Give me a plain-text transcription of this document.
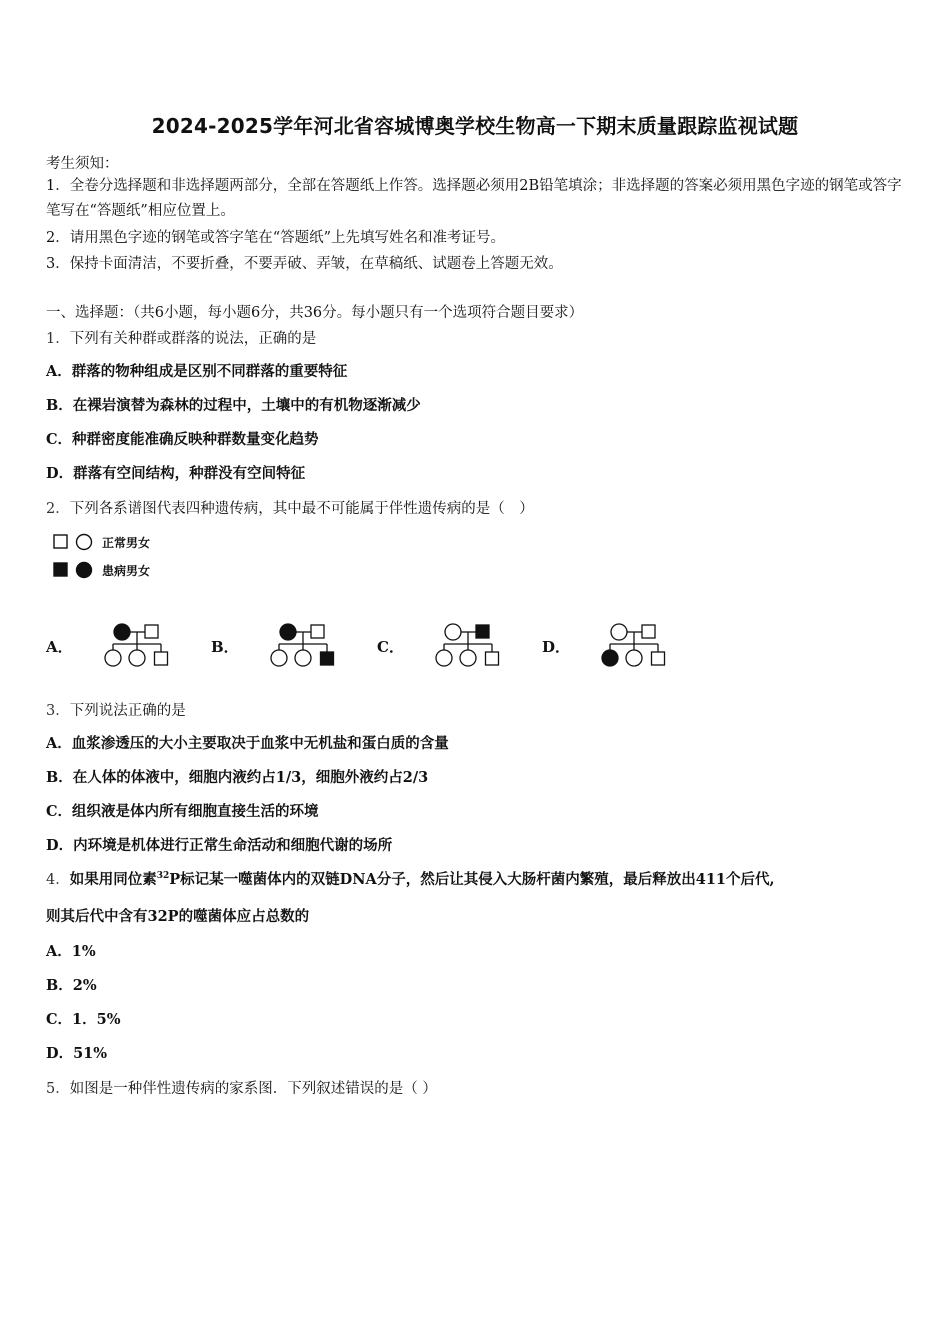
2024-2025学年河北省容城博奥学校生物高一下期末质量跟踪监视试题
考生须知：
1．全卷分选择题和非选择题两部分，全部在答题纸上作答。选择题必须用2B铅笔填涂；非选择题的答案必须用黑色字迹的钢笔或答字笔写在“答题纸”相应位置上。
2．请用黑色字迹的钢笔或答字笔在“答题纸”上先填写姓名和准考证号。
3．保持卡面清洁，不要折叠，不要弄破、弄皱，在草稿纸、试题卷上答题无效。
一、选择题：（共6小题，每小题6分，共36分。每小题只有一个选项符合题目要求）
1．下列有关种群或群落的说法，正确的是
A．群落的物种组成是区别不同群落的重要特征
B．在裸岩演替为森林的过程中，土壤中的有机物逐渐减少
C．种群密度能准确反映种群数量变化趋势
D．群落有空间结构，种群没有空间特征
2．下列各系谱图代表四种遗传病，其中最不可能属于伴性遗传病的是（　）
正常男女
患病男女
A．	B．	C．	D．
3．下列说法正确的是
A．血浆渗透压的大小主要取决于血浆中无机盐和蛋白质的含量
B．在人体的体液中，细胞内液约占1/3，细胞外液约占2/3
C．组织液是体内所有细胞直接生活的环境
D．内环境是机体进行正常生命活动和细胞代谢的场所
4．如果用同位素$^{32}$P标记某一噬菌体内的双链DNA分子，然后让其侵入大肠杆菌内繁殖，最后释放出411个后代,
则其后代中含有32P的噬菌体应占总数的
A．1%
B．2%
C．1．5%
D．51%
5．如图是一种伴性遗传病的家系图．下列叙述错误的是（ ）
